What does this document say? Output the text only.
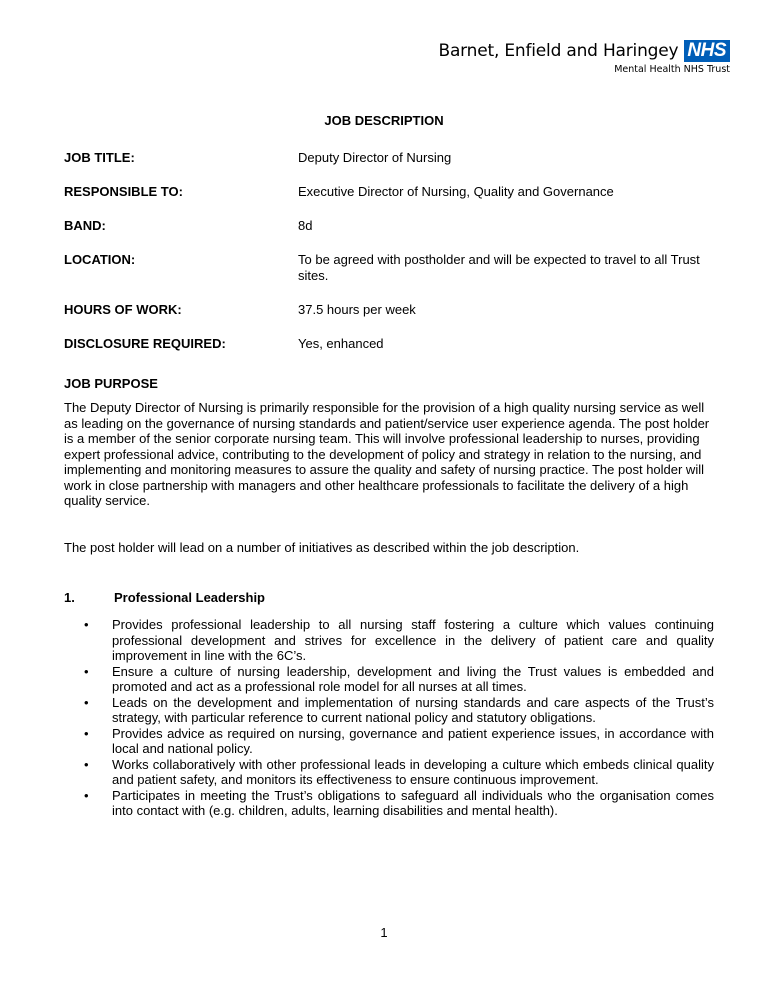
Barnet, Enfield and Haringey NHS
Mental Health NHS Trust
JOB DESCRIPTION
JOB TITLE:	Deputy Director of Nursing
RESPONSIBLE TO:	Executive Director of Nursing, Quality and Governance
BAND:	8d
LOCATION:	To be agreed with postholder and will be expected to travel to all Trust sites.
HOURS OF WORK:	37.5 hours per week
DISCLOSURE REQUIRED:	Yes, enhanced
JOB PURPOSE
The Deputy Director of Nursing is primarily responsible for the provision of a high quality nursing service as well as leading on the governance of nursing standards and patient/service user experience agenda. The post holder is a member of the senior corporate nursing team. This will involve professional leadership to nurses, providing expert professional advice, contributing to the development of policy and strategy in relation to the nursing, and implementing and monitoring measures to assure the quality and safety of nursing practice. The post holder will work in close partnership with managers and other healthcare professionals to facilitate the delivery of a high quality service.
The post holder will lead on a number of initiatives as described within the job description.
1.	Professional Leadership
• Provides professional leadership to all nursing staff fostering a culture which values continuing professional development and strives for excellence in the delivery of patient care and quality improvement in line with the 6C’s.
• Ensure a culture of nursing leadership, development and living the Trust values is embedded and promoted and act as a professional role model for all nurses at all times.
• Leads on the development and implementation of nursing standards and care aspects of the Trust’s strategy, with particular reference to current national policy and statutory obligations.
• Provides advice as required on nursing, governance and patient experience issues, in accordance with local and national policy.
• Works collaboratively with other professional leads in developing a culture which embeds clinical quality and patient safety, and monitors its effectiveness to ensure continuous improvement.
• Participates in meeting the Trust’s obligations to safeguard all individuals who the organisation comes into contact with (e.g. children, adults, learning disabilities and mental health).
1
